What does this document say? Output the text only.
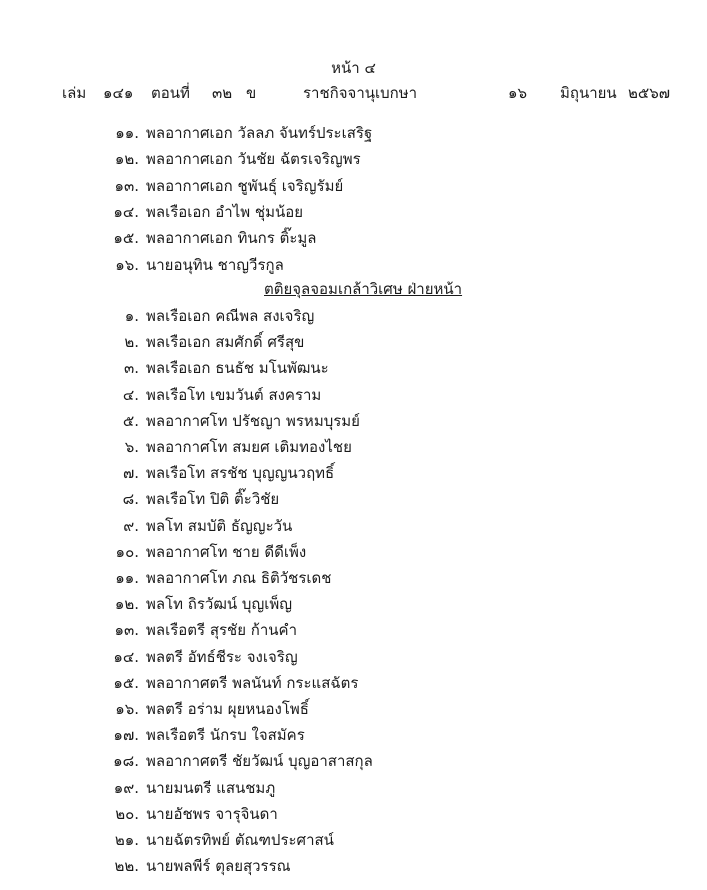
หน้า ๔
เล่ม ๑๔๑ ตอนที่ ๓๒ ข	ราชกิจจานุเบกษา	๑๖ มิถุนายน ๒๕๖๗
๑๑. พลอากาศเอก วัลลภ จันทร์ประเสริฐ
๑๒. พลอากาศเอก วันชัย ฉัตรเจริญพร
๑๓. พลอากาศเอก ชูพันธุ์ เจริญรัมย์
๑๔. พลเรือเอก อำไพ ชุ่มน้อย
๑๕. พลอากาศเอก ทินกร ติ๊ะมูล
๑๖. นายอนุทิน ชาญวีรกูล
ตติยจุลจอมเกล้าวิเศษ ฝ่ายหน้า
๑. พลเรือเอก คณีพล สงเจริญ
๒. พลเรือเอก สมศักดิ์ ศรีสุข
๓. พลเรือเอก ธนธัช มโนพัฒนะ
๔. พลเรือโท เขมวันต์ สงคราม
๕. พลอากาศโท ปรัชญา พรหมบุรมย์
๖. พลอากาศโท สมยศ เติมทองไชย
๗. พลเรือโท สรชัช บุญญนวฤทธิ์
๘. พลเรือโท ปิติ ติ๊ะวิชัย
๙. พลโท สมบัติ ธัญญะวัน
๑๐. พลอากาศโท ชาย ดีดีเพ็ง
๑๑. พลอากาศโท ภณ ธิติวัชรเดช
๑๒. พลโท ถิรวัฒน์ บุญเพ็ญ
๑๓. พลเรือตรี สุรชัย ก้านคำ
๑๔. พลตรี อัทธ์ชีระ จงเจริญ
๑๕. พลอากาศตรี พลนันท์ กระแสฉัตร
๑๖. พลตรี อร่าม ผุยหนองโพธิ์
๑๗. พลเรือตรี นักรบ ใจสมัคร
๑๘. พลอากาศตรี ชัยวัฒน์ บุญอาสาสกุล
๑๙. นายมนตรี แสนชมภู
๒๐. นายอัชพร จารุจินดา
๒๑. นายฉัตรทิพย์ ตัณฑประศาสน์
๒๒. นายพลพีร์ ตุลยสุวรรณ
